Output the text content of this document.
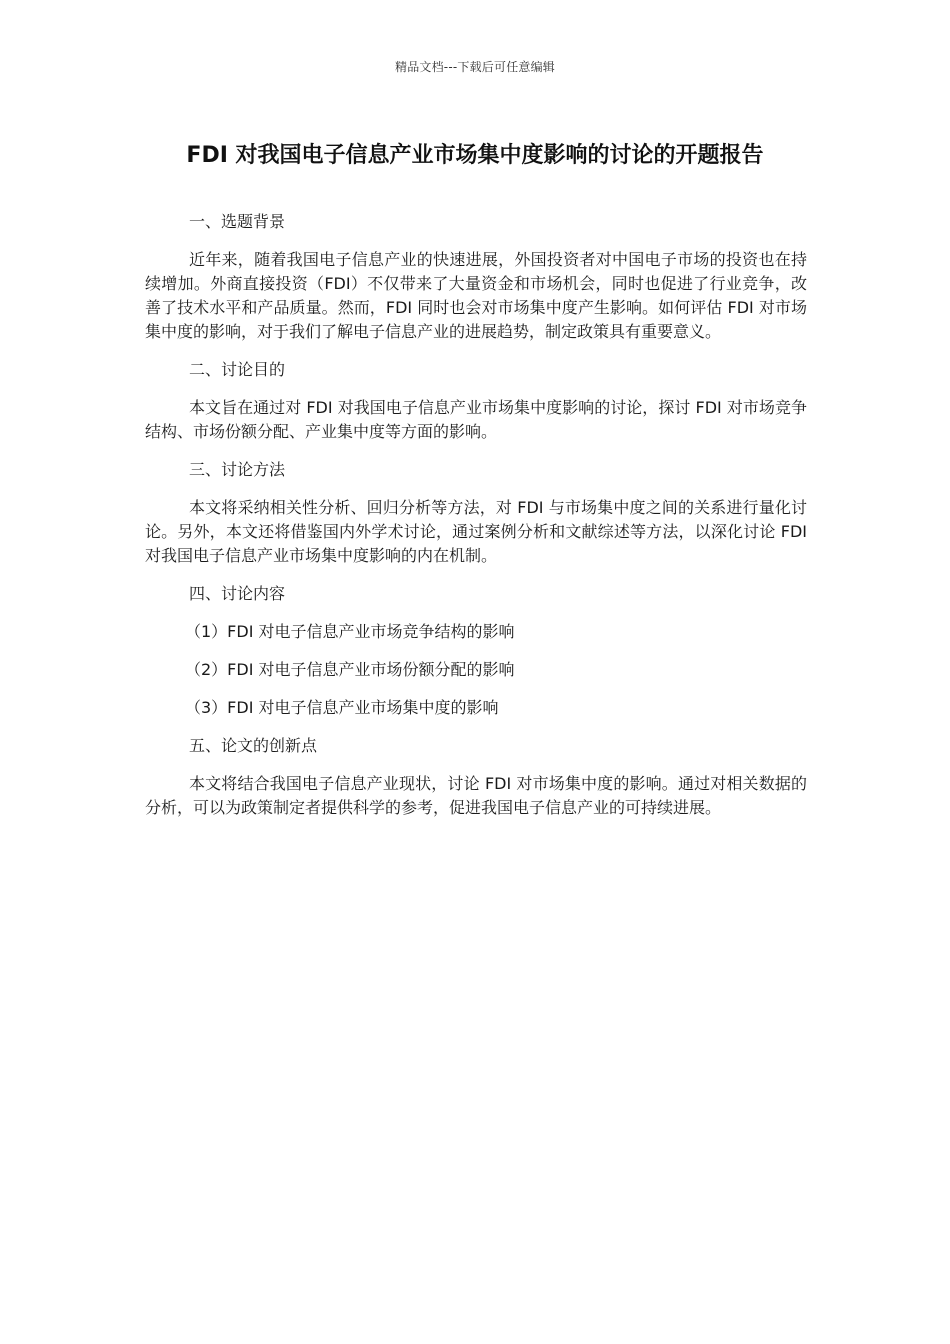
精品文档---下载后可任意编辑
FDI 对我国电子信息产业市场集中度影响的讨论的开题报告
一、选题背景

近年来，随着我国电子信息产业的快速进展，外国投资者对中国电子市场的投资也在持续增加。外商直接投资（FDI）不仅带来了大量资金和市场机会，同时也促进了行业竞争，改善了技术水平和产品质量。然而，FDI 同时也会对市场集中度产生影响。如何评估 FDI 对市场集中度的影响，对于我们了解电子信息产业的进展趋势，制定政策具有重要意义。

二、讨论目的

本文旨在通过对 FDI 对我国电子信息产业市场集中度影响的讨论，探讨 FDI 对市场竞争结构、市场份额分配、产业集中度等方面的影响。

三、讨论方法

本文将采纳相关性分析、回归分析等方法，对 FDI 与市场集中度之间的关系进行量化讨论。另外，本文还将借鉴国内外学术讨论，通过案例分析和文献综述等方法，以深化讨论 FDI 对我国电子信息产业市场集中度影响的内在机制。

四、讨论内容

（1）FDI 对电子信息产业市场竞争结构的影响

（2）FDI 对电子信息产业市场份额分配的影响

（3）FDI 对电子信息产业市场集中度的影响

五、论文的创新点

本文将结合我国电子信息产业现状，讨论 FDI 对市场集中度的影响。通过对相关数据的分析，可以为政策制定者提供科学的参考，促进我国电子信息产业的可持续进展。
